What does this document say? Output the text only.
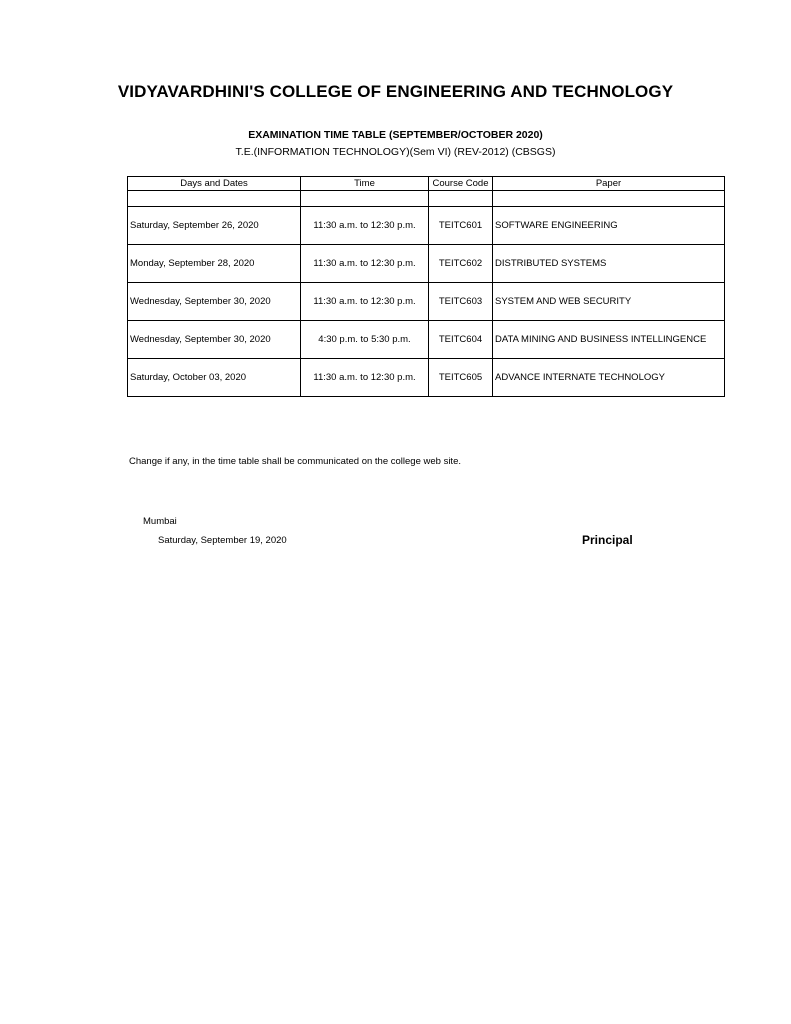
VIDYAVARDHINI'S COLLEGE OF ENGINEERING AND TECHNOLOGY
EXAMINATION TIME TABLE (SEPTEMBER/OCTOBER 2020)
T.E.(INFORMATION TECHNOLOGY)(Sem VI) (REV-2012) (CBSGS)
Days and Dates	Time	Course Code	Paper

Saturday, September 26, 2020	11:30 a.m. to 12:30 p.m.	TEITC601	SOFTWARE ENGINEERING
Monday, September 28, 2020	11:30 a.m. to 12:30 p.m.	TEITC602	DISTRIBUTED SYSTEMS
Wednesday, September 30, 2020	11:30 a.m. to 12:30 p.m.	TEITC603	SYSTEM AND WEB SECURITY
Wednesday, September 30, 2020	4:30 p.m. to 5:30 p.m.	TEITC604	DATA MINING AND BUSINESS INTELLINGENCE
Saturday, October 03, 2020	11:30 a.m. to 12:30 p.m.	TEITC605	ADVANCE INTERNATE TECHNOLOGY
Change if any, in the time table shall be communicated on the college web site.
Mumbai
Saturday, September 19, 2020	Principal
